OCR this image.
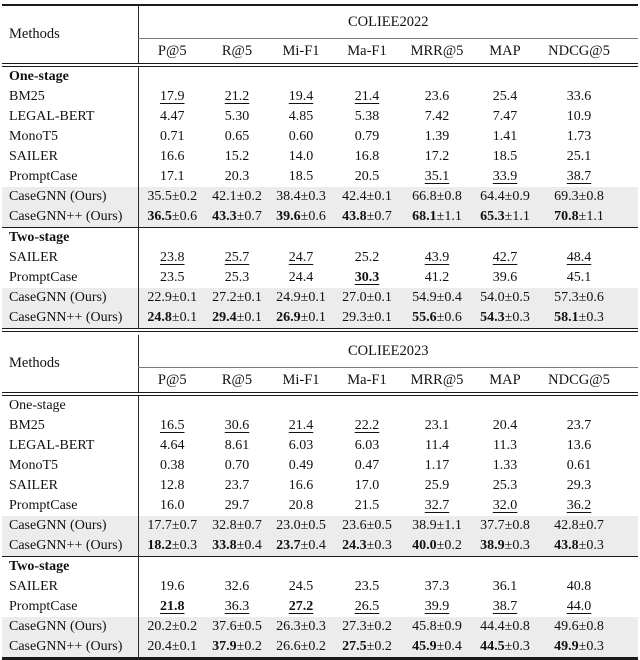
Methods	COLIEE2022						
	P@5	R@5	Mi-F1	Ma-F1	MRR@5	MAP	NDCG@5
One-stage							
BM25	17.9	21.2	19.4	21.4	23.6	25.4	33.6
LEGAL-BERT	4.47	5.30	4.85	5.38	7.42	7.47	10.9
MonoT5	0.71	0.65	0.60	0.79	1.39	1.41	1.73
SAILER	16.6	15.2	14.0	16.8	17.2	18.5	25.1
PromptCase	17.1	20.3	18.5	20.5	35.1	33.9	38.7
CaseGNN (Ours)	35.5±0.2	42.1±0.2	38.4±0.3	42.4±0.1	66.8±0.8	64.4±0.9	69.3±0.8
CaseGNN++ (Ours)	36.5±0.6	43.3±0.7	39.6±0.6	43.8±0.7	68.1±1.1	65.3±1.1	70.8±1.1
Two-stage							
SAILER	23.8	25.7	24.7	25.2	43.9	42.7	48.4
PromptCase	23.5	25.3	24.4	30.3	41.2	39.6	45.1
CaseGNN (Ours)	22.9±0.1	27.2±0.1	24.9±0.1	27.0±0.1	54.9±0.4	54.0±0.5	57.3±0.6
CaseGNN++ (Ours)	24.8±0.1	29.4±0.1	26.9±0.1	29.3±0.1	55.6±0.6	54.3±0.3	58.1±0.3
Methods	COLIEE2023						
	P@5	R@5	Mi-F1	Ma-F1	MRR@5	MAP	NDCG@5
One-stage							
BM25	16.5	30.6	21.4	22.2	23.1	20.4	23.7
LEGAL-BERT	4.64	8.61	6.03	6.03	11.4	11.3	13.6
MonoT5	0.38	0.70	0.49	0.47	1.17	1.33	0.61
SAILER	12.8	23.7	16.6	17.0	25.9	25.3	29.3
PromptCase	16.0	29.7	20.8	21.5	32.7	32.0	36.2
CaseGNN (Ours)	17.7±0.7	32.8±0.7	23.0±0.5	23.6±0.5	38.9±1.1	37.7±0.8	42.8±0.7
CaseGNN++ (Ours)	18.2±0.3	33.8±0.4	23.7±0.4	24.3±0.3	40.0±0.2	38.9±0.3	43.8±0.3
Two-stage							
SAILER	19.6	32.6	24.5	23.5	37.3	36.1	40.8
PromptCase	21.8	36.3	27.2	26.5	39.9	38.7	44.0
CaseGNN (Ours)	20.2±0.2	37.6±0.5	26.3±0.3	27.3±0.2	45.8±0.9	44.4±0.8	49.6±0.8
CaseGNN++ (Ours)	20.4±0.1	37.9±0.2	26.6±0.2	27.5±0.2	45.9±0.4	44.5±0.3	49.9±0.3
